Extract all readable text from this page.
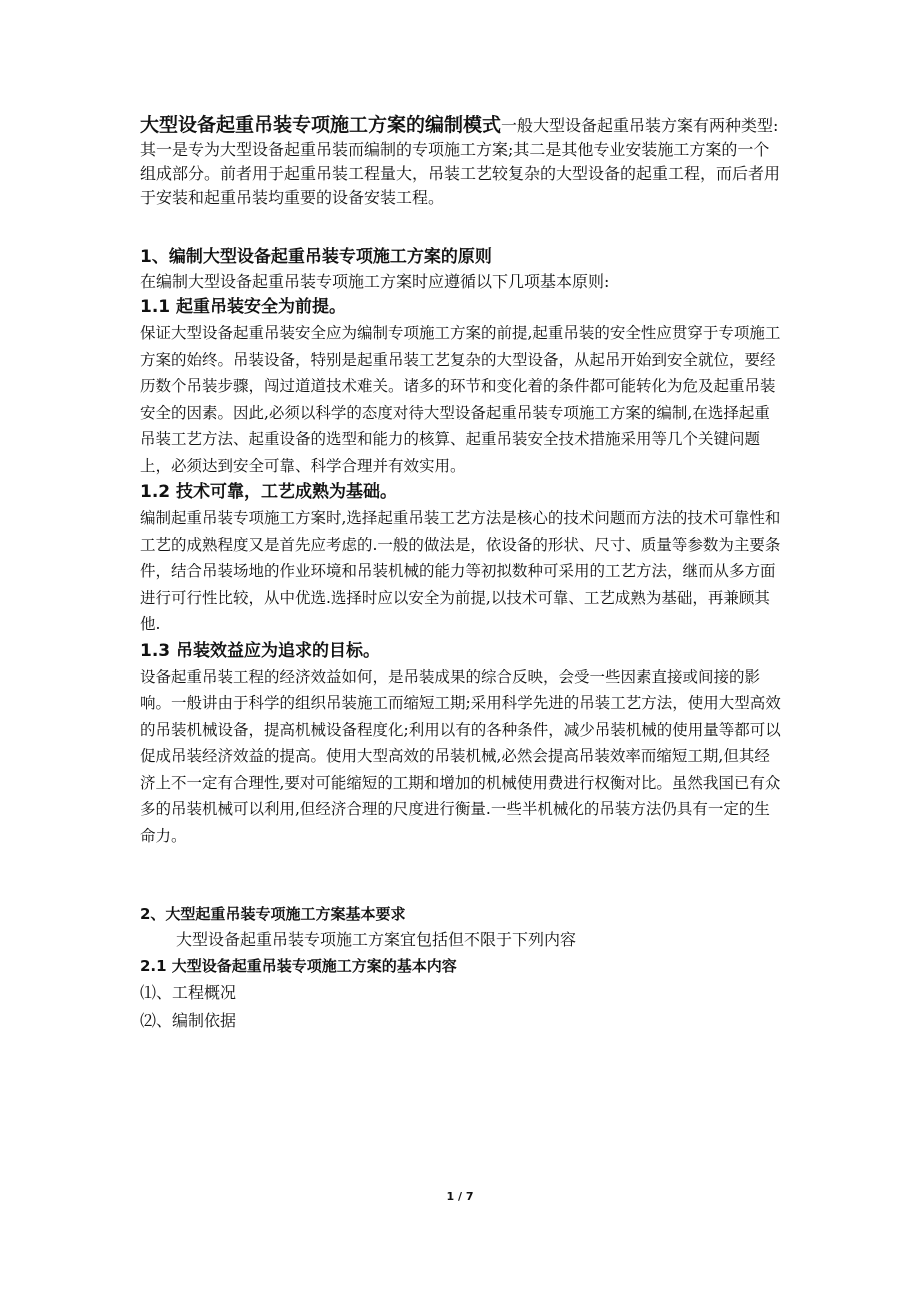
大型设备起重吊装专项施工方案的编制模式一般大型设备起重吊装方案有两种类型:其一是专为大型设备起重吊装而编制的专项施工方案;其二是其他专业安装施工方案的一个组成部分。前者用于起重吊装工程量大，吊装工艺较复杂的大型设备的起重工程，而后者用于安装和起重吊装均重要的设备安装工程。

1、编制大型设备起重吊装专项施工方案的原则

在编制大型设备起重吊装专项施工方案时应遵循以下几项基本原则:

1.1 起重吊装安全为前提。

保证大型设备起重吊装安全应为编制专项施工方案的前提,起重吊装的安全性应贯穿于专项施工方案的始终。吊装设备，特别是起重吊装工艺复杂的大型设备，从起吊开始到安全就位，要经历数个吊装步骤，闯过道道技术难关。诸多的环节和变化着的条件都可能转化为危及起重吊装安全的因素。因此,必须以科学的态度对待大型设备起重吊装专项施工方案的编制,在选择起重吊装工艺方法、起重设备的选型和能力的核算、起重吊装安全技术措施采用等几个关键问题上，必须达到安全可靠、科学合理并有效实用。

1.2 技术可靠，工艺成熟为基础。

编制起重吊装专项施工方案时,选择起重吊装工艺方法是核心的技术问题而方法的技术可靠性和工艺的成熟程度又是首先应考虑的.一般的做法是，依设备的形状、尺寸、质量等参数为主要条件，结合吊装场地的作业环境和吊装机械的能力等初拟数种可采用的工艺方法，继而从多方面进行可行性比较，从中优选.选择时应以安全为前提,以技术可靠、工艺成熟为基础，再兼顾其他.

1.3 吊装效益应为追求的目标。

设备起重吊装工程的经济效益如何，是吊装成果的综合反映，会受一些因素直接或间接的影响。一般讲由于科学的组织吊装施工而缩短工期;采用科学先进的吊装工艺方法，使用大型高效的吊装机械设备，提高机械设备程度化;利用以有的各种条件，减少吊装机械的使用量等都可以促成吊装经济效益的提高。使用大型高效的吊装机械,必然会提高吊装效率而缩短工期,但其经济上不一定有合理性,要对可能缩短的工期和增加的机械使用费进行权衡对比。虽然我国已有众多的吊装机械可以利用,但经济合理的尺度进行衡量.一些半机械化的吊装方法仍具有一定的生命力。

2、大型起重吊装专项施工方案基本要求

大型设备起重吊装专项施工方案宜包括但不限于下列内容

2.1 大型设备起重吊装专项施工方案的基本内容

⑴、工程概况

⑵、编制依据

1 / 7
